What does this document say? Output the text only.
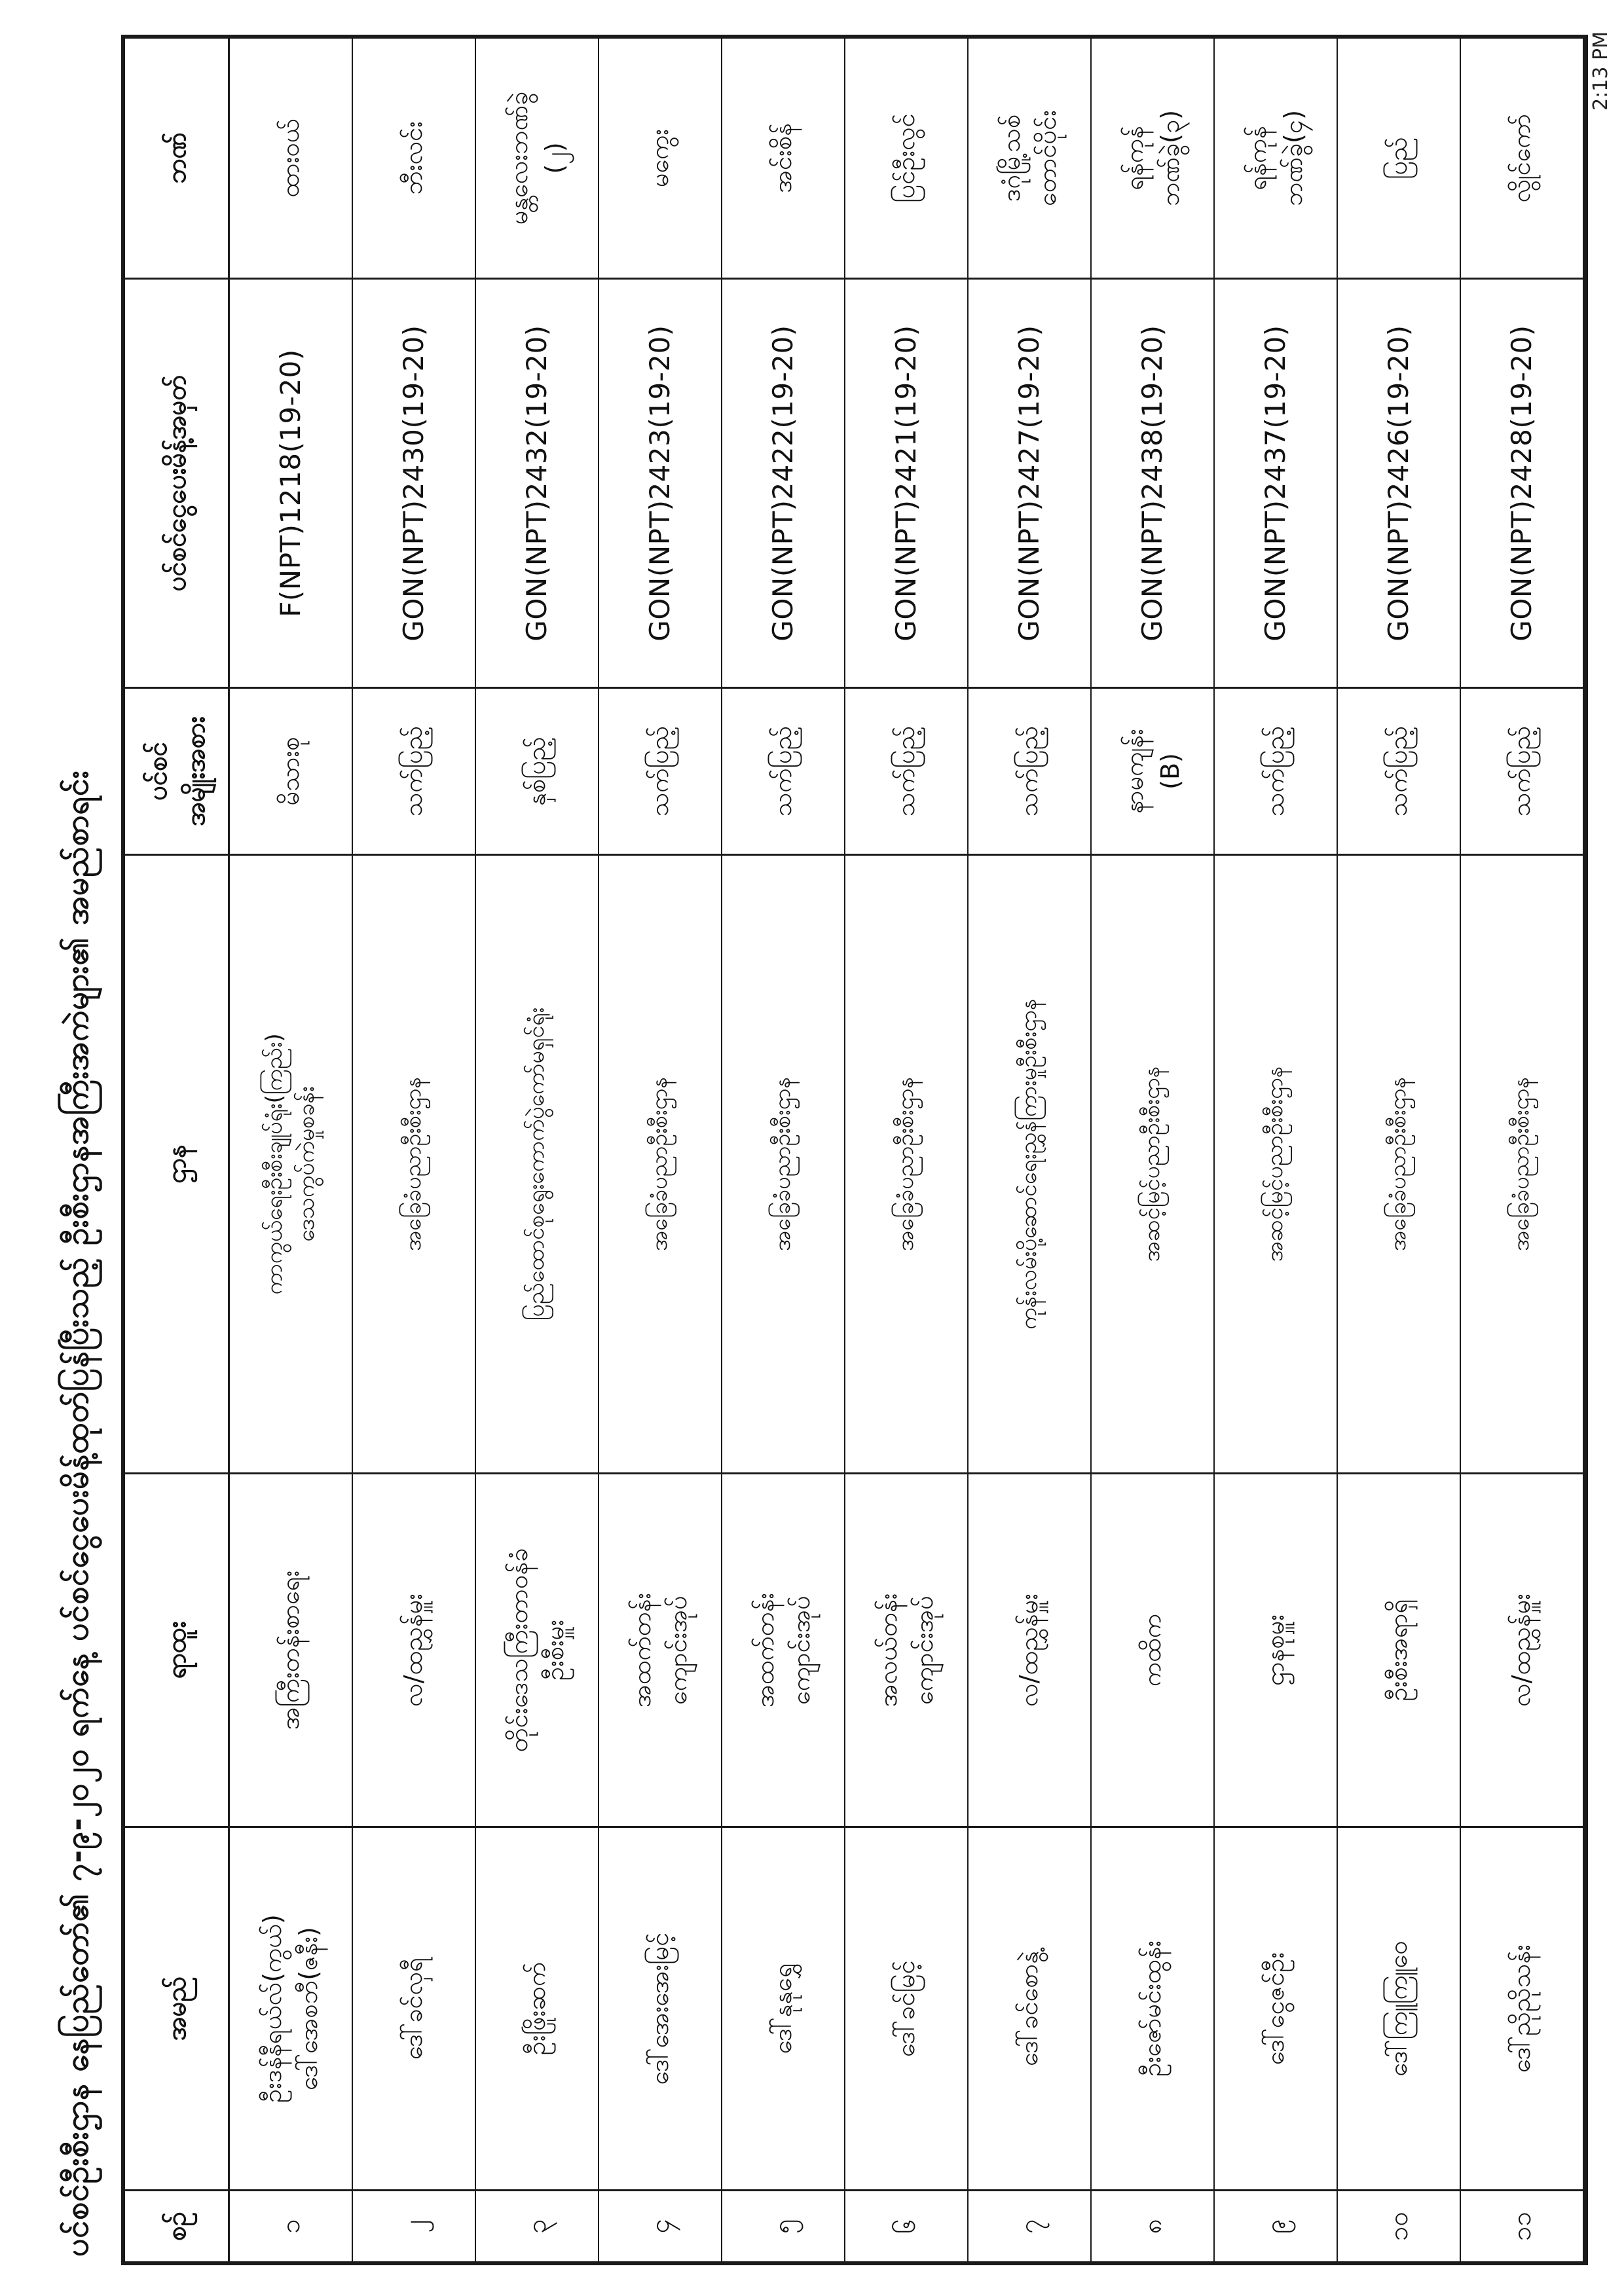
ပင်စင်ဦးစီးဌာန နေပြည်တော်၏ ၇-၉-၂၀၂၀ ရက်နေ့ ပင်စင်ငွေပေးမိန့်ထုတ်ပြန်ပြီးသည့် ဦးစီးဌာနအကြီးအကဲများ၏ အမည်စာရင်း	စဉ်
အမည်
ရာထူး
ဌာန
ပင်စင် အမျိုးအစား
ပင်စင်ငွေပေးမိန့်အမှတ်
ဘဏ်
၁
ဦးဒန်နီရယ်လ်(ကွယ်) ဒေါ်အေစဘီ(ဇနီး)
အကြီးတန်းစာရေး
ကာကွယ်ရေးဦးစီးချုပ်ရုံး(ကြည်း) ဒေသကွပ်ကဲမှုစခန်း
မိသားစု
F(NPT)1218(19-20)
ထားဝယ်
၂
ဒေါ်ခင်လှရီ
လ/ထညွှန်မှူး
အခြေခံပညာဦးစီးဌာန
သက်ပြည့်
GON(NPT)2430(19-20)
ဘီးလင်း
၃
ဦးဖြိုးဆက်
တိုင်းဒေသကြီးတာဝန်ခံ ဦးစီးမှူး
ပြည်ထောင်စုရွေးကောက်ပွဲကော်မရှင်ရုံး
နှစ်ပြည့်
GON(NPT)2432(19-20)
မန္တလေးဘဏ်ခွဲ (၂)
၄
ဒေါ်အေးအေးမြင့်
အထက်တန်း ကျောင်းအုပ်
အခြေခံပညာဦးစီးဌာန
သက်ပြည့်
GON(NPT)2423(19-20)
မကွေး
၅
ဒေါ်နုနုရွှေ
အထက်တန်း ကျောင်းအုပ်
အခြေခံပညာဦးစီးဌာန
သက်ပြည့်
GON(NPT)2422(19-20)
အင်းစိန်
၆
ဒေါ်ခင်မြင့်
အလယ်တန်း ကျောင်းအုပ်
အခြေခံပညာဦးစီးဌာန
သက်ပြည့်
GON(NPT)2421(19-20)
ပြင်ဦးလွင်
၇
ဒေါ်ခင်စောနွဲ့
လ/ထညွှန်မှူး
ကုန်းလမ်းပို့ဆောင်ရေးညွှန်ကြားမှုဦးစီးဌာန
သက်ပြည့်
GON(NPT)2427(19-20)
ဒဂုံမြို့သစ် တောင်ပိုင်း
၈
ဦးဇော်မင်းထွန်း
ကထိက
အဆင့်မြင့်ပညာဦးစီးဌာန
နာမကျန်း (B)
GON(NPT)2438(19-20)
ရန်ကုန် ဘဏ်ခွဲ(၃)
၉
ဒေါ်ငွေဇင်ဦး
ဌာနစုမှူး
အဆင့်မြင့်ပညာဦးစီးဌာန
သက်ပြည့်
GON(NPT)2437(19-20)
ရန်ကုန် ဘဏ်ခွဲ(၄)
၁၀
ဒေါ်ကြူကြူဝေ
ဦးစီးအရာရှိ
အခြေခံပညာဦးစီးဌာန
သက်ပြည့်
GON(NPT)2426(19-20)
ပြည်
၁၁
ဒေါ်ညိုညိုသန်း
လ/ထညွှန်မှူး
အခြေခံပညာဦးစီးဌာန
သက်ပြည့်
GON(NPT)2428(19-20)
လွိုင်ကော်
2:13 PM
